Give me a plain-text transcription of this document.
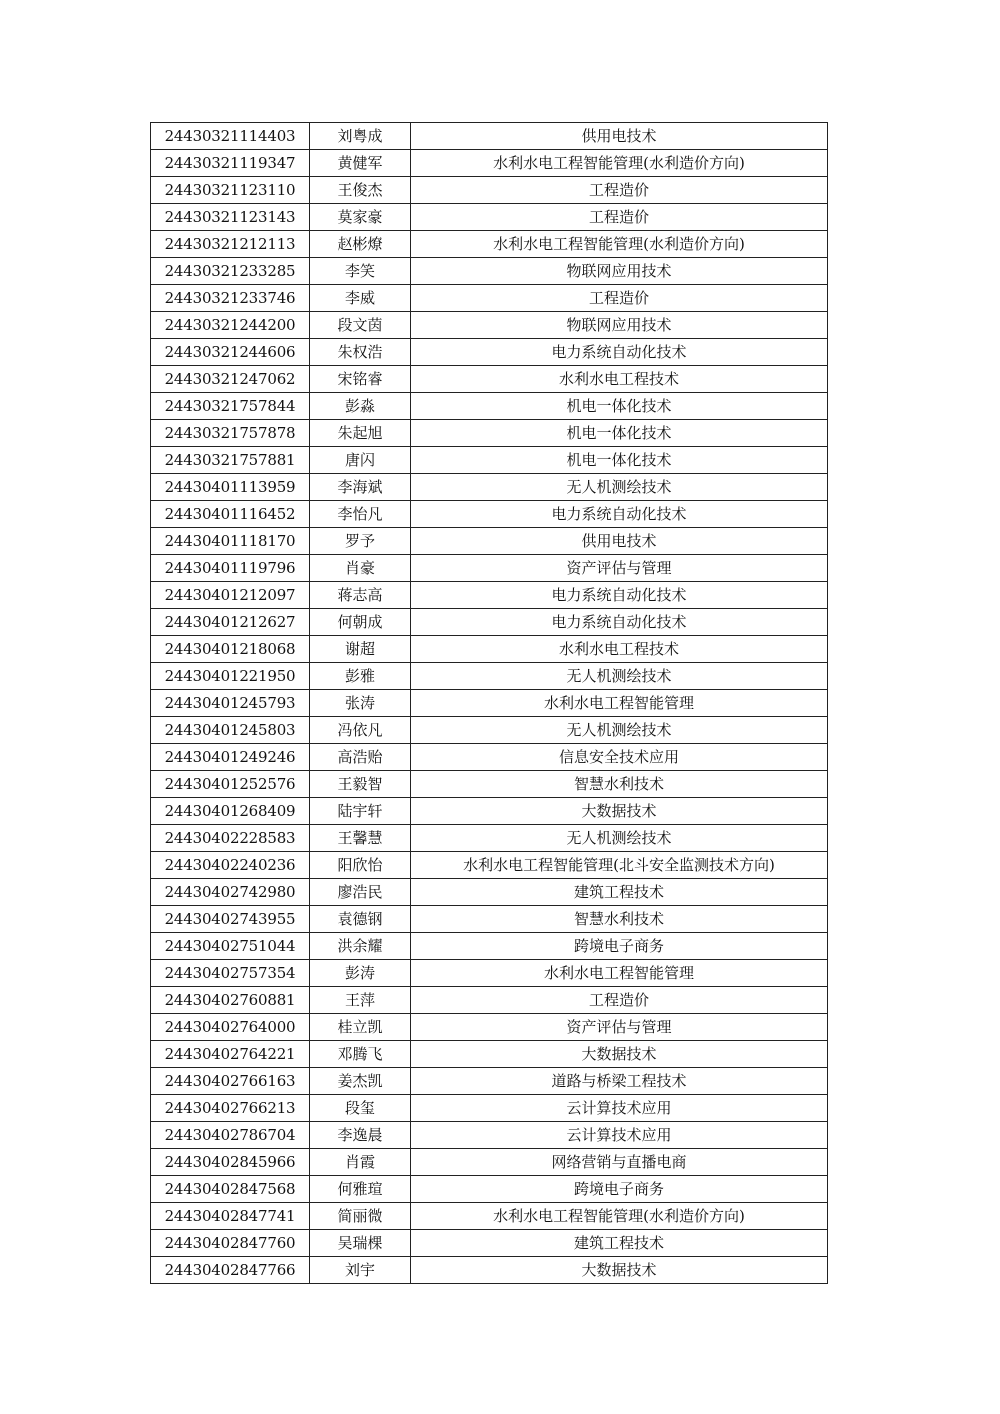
24430321114403	刘粤成	供用电技术
24430321119347	黄健军	水利水电工程智能管理(水利造价方向)
24430321123110	王俊杰	工程造价
24430321123143	莫家豪	工程造价
24430321212113	赵彬燎	水利水电工程智能管理(水利造价方向)
24430321233285	李笑	物联网应用技术
24430321233746	李威	工程造价
24430321244200	段文茵	物联网应用技术
24430321244606	朱权浩	电力系统自动化技术
24430321247062	宋铭睿	水利水电工程技术
24430321757844	彭淼	机电一体化技术
24430321757878	朱起旭	机电一体化技术
24430321757881	唐闪	机电一体化技术
24430401113959	李海斌	无人机测绘技术
24430401116452	李怡凡	电力系统自动化技术
24430401118170	罗予	供用电技术
24430401119796	肖豪	资产评估与管理
24430401212097	蒋志高	电力系统自动化技术
24430401212627	何朝成	电力系统自动化技术
24430401218068	谢超	水利水电工程技术
24430401221950	彭雅	无人机测绘技术
24430401245793	张涛	水利水电工程智能管理
24430401245803	冯依凡	无人机测绘技术
24430401249246	高浩贻	信息安全技术应用
24430401252576	王毅智	智慧水利技术
24430401268409	陆宇轩	大数据技术
24430402228583	王馨慧	无人机测绘技术
24430402240236	阳欣怡	水利水电工程智能管理(北斗安全监测技术方向)
24430402742980	廖浩民	建筑工程技术
24430402743955	袁德钢	智慧水利技术
24430402751044	洪余耀	跨境电子商务
24430402757354	彭涛	水利水电工程智能管理
24430402760881	王萍	工程造价
24430402764000	桂立凯	资产评估与管理
24430402764221	邓腾飞	大数据技术
24430402766163	姜杰凯	道路与桥梁工程技术
24430402766213	段玺	云计算技术应用
24430402786704	李逸晨	云计算技术应用
24430402845966	肖霞	网络营销与直播电商
24430402847568	何雅瑄	跨境电子商务
24430402847741	简丽微	水利水电工程智能管理(水利造价方向)
24430402847760	吴瑞棵	建筑工程技术
24430402847766	刘宇	大数据技术
